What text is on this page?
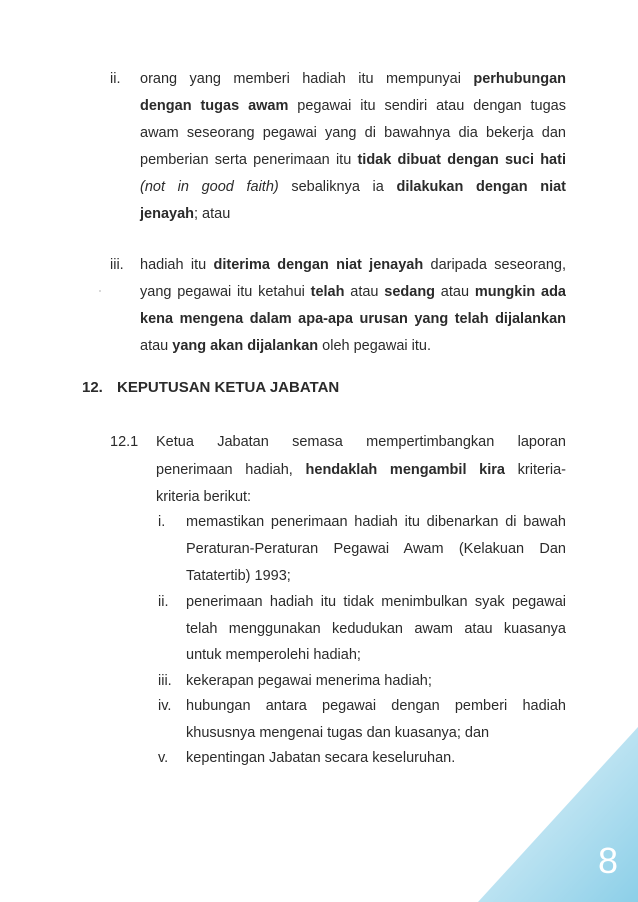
ii. orang yang memberi hadiah itu mempunyai perhubungan
dengan tugas awam pegawai itu sendiri atau dengan tugas
awam seseorang pegawai yang di bawahnya dia bekerja dan
pemberian serta penerimaan itu tidak dibuat dengan suci hati
(not in good faith) sebaliknya ia dilakukan dengan niat
jenayah; atau
iii. hadiah itu diterima dengan niat jenayah daripada seseorang,
yang pegawai itu ketahui telah atau sedang atau mungkin ada
kena mengena dalam apa-apa urusan yang telah dijalankan
atau yang akan dijalankan oleh pegawai itu.
12. KEPUTUSAN KETUA JABATAN
12.1 Ketua Jabatan semasa mempertimbangkan laporan
penerimaan hadiah, hendaklah mengambil kira kriteria-
kriteria berikut:
i. memastikan penerimaan hadiah itu dibenarkan di bawah
Peraturan-Peraturan Pegawai Awam (Kelakuan Dan
Tatatertib) 1993;
ii. penerimaan hadiah itu tidak menimbulkan syak pegawai
telah menggunakan kedudukan awam atau kuasanya
untuk memperolehi hadiah;
iii. kekerapan pegawai menerima hadiah;
iv. hubungan antara pegawai dengan pemberi hadiah
khususnya mengenai tugas dan kuasanya; dan
v. kepentingan Jabatan secara keseluruhan.
8
